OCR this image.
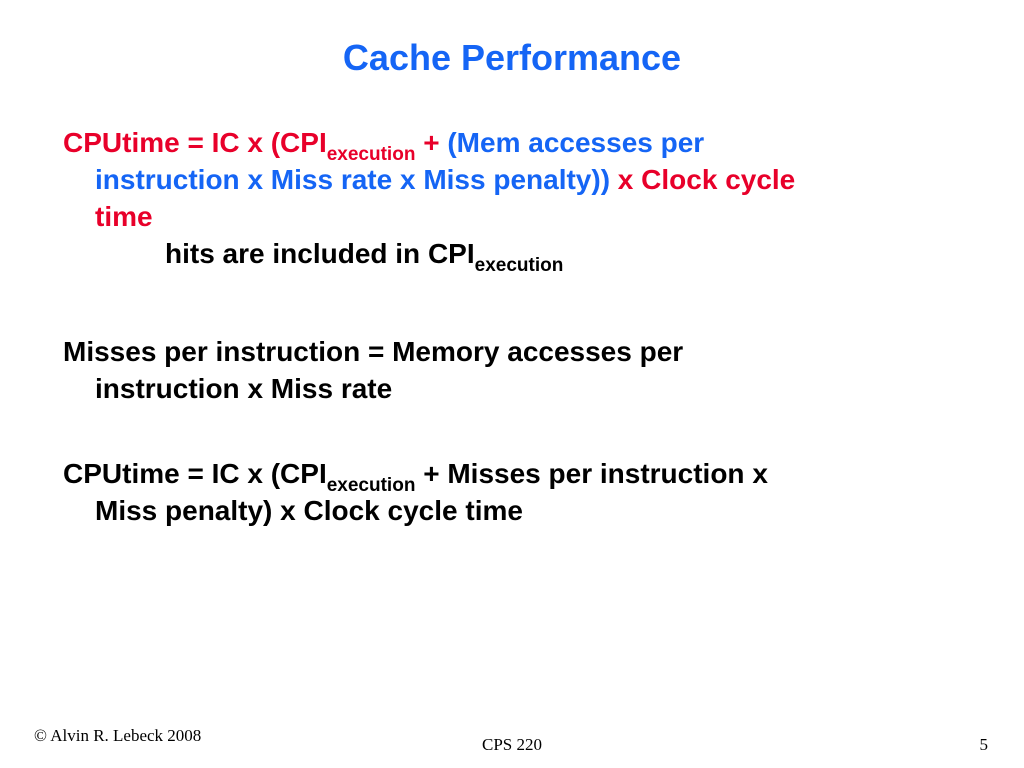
Cache Performance

CPUtime = IC x ($CPI_{execution} + (Mem$ accesses per
instruction x Miss rate x Miss penalty)) x Clock cycle
time
hits are included in $CPI_{execution}$

Misses per instruction = Memory accesses per
instruction x Miss rate

CPUtime = IC x ($CPI_{execution}$ + Misses per instruction x
Miss penalty) x Clock cycle time

© Alvin R. Lebeck 2008	CPS 220	5
